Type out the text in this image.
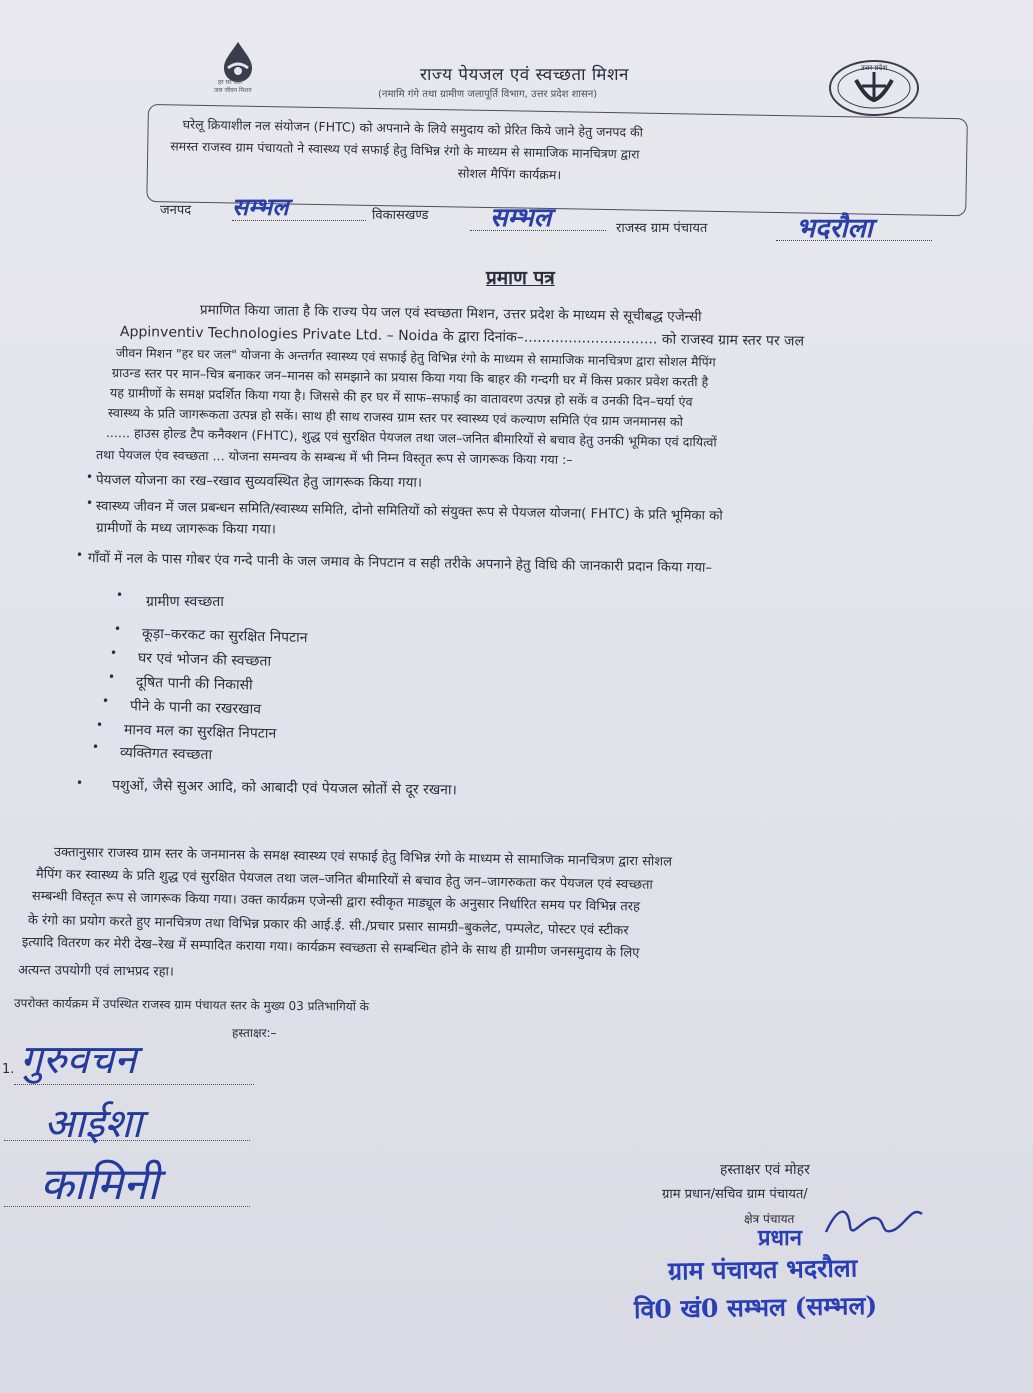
हर घर जल
जल जीवन मिशन
राज्य पेयजल एवं स्वच्छता मिशन
(नमामि गंगे तथा ग्रामीण जलापूर्ति विभाग, उत्तर प्रदेश शासन)
उत्तर प्रदेश
घरेलू क्रियाशील नल संयोजन (FHTC) को अपनाने के लिये समुदाय को प्रेरित किये जाने हेतु जनपद की
समस्त राजस्व ग्राम पंचायतो ने स्वास्थ्य एवं सफाई हेतु विभिन्न रंगो के माध्यम से सामाजिक मानचित्रण द्वारा
सोशल मैपिंग कार्यक्रम।
जनपद सम्भल	विकासखण्ड सम्भल	राजस्व ग्राम पंचायत	भदरौला
प्रमाण पत्र
प्रमाणित किया जाता है कि राज्य पेय जल एवं स्वच्छता मिशन, उत्तर प्रदेश के माध्यम से सूचीबद्ध एजेन्सी
Appinventiv Technologies Private Ltd. – Noida के द्वारा दिनांक–.............................. को राजस्व ग्राम स्तर पर जल
जीवन मिशन "हर घर जल" योजना के अन्तर्गत स्वास्थ्य एवं सफाई हेतु विभिन्न रंगो के माध्यम से सामाजिक मानचित्रण द्वारा सोशल मैपिंग
ग्राउन्ड स्तर पर मान–चित्र बनाकर जन–मानस को समझाने का प्रयास किया गया कि बाहर की गन्दगी घर में किस प्रकार प्रवेश करती है
यह ग्रामीणों के समक्ष प्रदर्शित किया गया है। जिससे की हर घर में साफ–सफाई का वातावरण उत्पन्न हो सकें व उनकी दिन–चर्या एंव
स्वास्थ्य के प्रति जागरूकता उत्पन्न हो सकें। साथ ही साथ राजस्व ग्राम स्तर पर स्वास्थ्य एवं कल्याण समिति एंव ग्राम जनमानस को
...... हाउस होल्ड टैप कनैक्शन (FHTC), शुद्ध एवं सुरक्षित पेयजल तथा जल–जनित बीमारियों से बचाव हेतु उनकी भूमिका एवं दायित्वों
तथा पेयजल एंव स्वच्छता ... योजना समन्वय के सम्बन्ध में भी निम्न विस्तृत रूप से जागरूक किया गया :–
• पेयजल योजना का रख–रखाव सुव्यवस्थित हेतु जागरूक किया गया।
• स्वास्थ्य जीवन में जल प्रबन्धन समिति/स्वास्थ्य समिति, दोनो समितियों को संयुक्त रूप से पेयजल योजना( FHTC) के प्रति भूमिका को
ग्रामीणों के मध्य जागरूक किया गया।
• गाँवों में नल के पास गोबर एंव गन्दे पानी के जल जमाव के निपटान व सही तरीके अपनाने हेतु विधि की जानकारी प्रदान किया गया–
• ग्रामीण स्वच्छता
• कूड़ा–करकट का सुरक्षित निपटान
• घर एवं भोजन की स्वच्छता
• दूषित पानी की निकासी
• पीने के पानी का रखरखाव
• मानव मल का सुरक्षित निपटान
• व्यक्तिगत स्वच्छता
• पशुओं, जैसे सुअर आदि, को आबादी एवं पेयजल स्रोतों से दूर रखना।
उक्तानुसार राजस्व ग्राम स्तर के जनमानस के समक्ष स्वास्थ्य एवं सफाई हेतु विभिन्न रंगो के माध्यम से सामाजिक मानचित्रण द्वारा सोशल
मैपिंग कर स्वास्थ्य के प्रति शुद्ध एवं सुरक्षित पेयजल तथा जल–जनित बीमारियों से बचाव हेतु जन–जागरुकता कर पेयजल एवं स्वच्छता
सम्बन्धी विस्तृत रूप से जागरूक किया गया। उक्त कार्यक्रम एजेन्सी द्वारा स्वीकृत माड्यूल के अनुसार निर्धारित समय पर विभिन्न तरह
के रंगो का प्रयोग करते हुए मानचित्रण तथा विभिन्न प्रकार की आई.ई. सी./प्रचार प्रसार सामग्री–बुकलेट, पम्पलेट, पोस्टर एवं स्टीकर
इत्यादि वितरण कर मेरी देख–रेख में सम्पादित कराया गया। कार्यक्रम स्वच्छता से सम्बन्धित होने के साथ ही ग्रामीण जनसमुदाय के लिए
अत्यन्त उपयोगी एवं लाभप्रद रहा।
उपरोक्त कार्यक्रम में उपस्थित राजस्व ग्राम पंचायत स्तर के मुख्य 03 प्रतिभागियों के
हस्ताक्षर:–
1. गुरुवचन
आईशा
कामिनी	हस्ताक्षर एवं मोहर
ग्राम प्रधान/सचिव ग्राम पंचायत/
क्षेत्र पंचायत
प्रधान
ग्राम पंचायत भदरौला
वि0 खं0 सम्भल (सम्भल)
